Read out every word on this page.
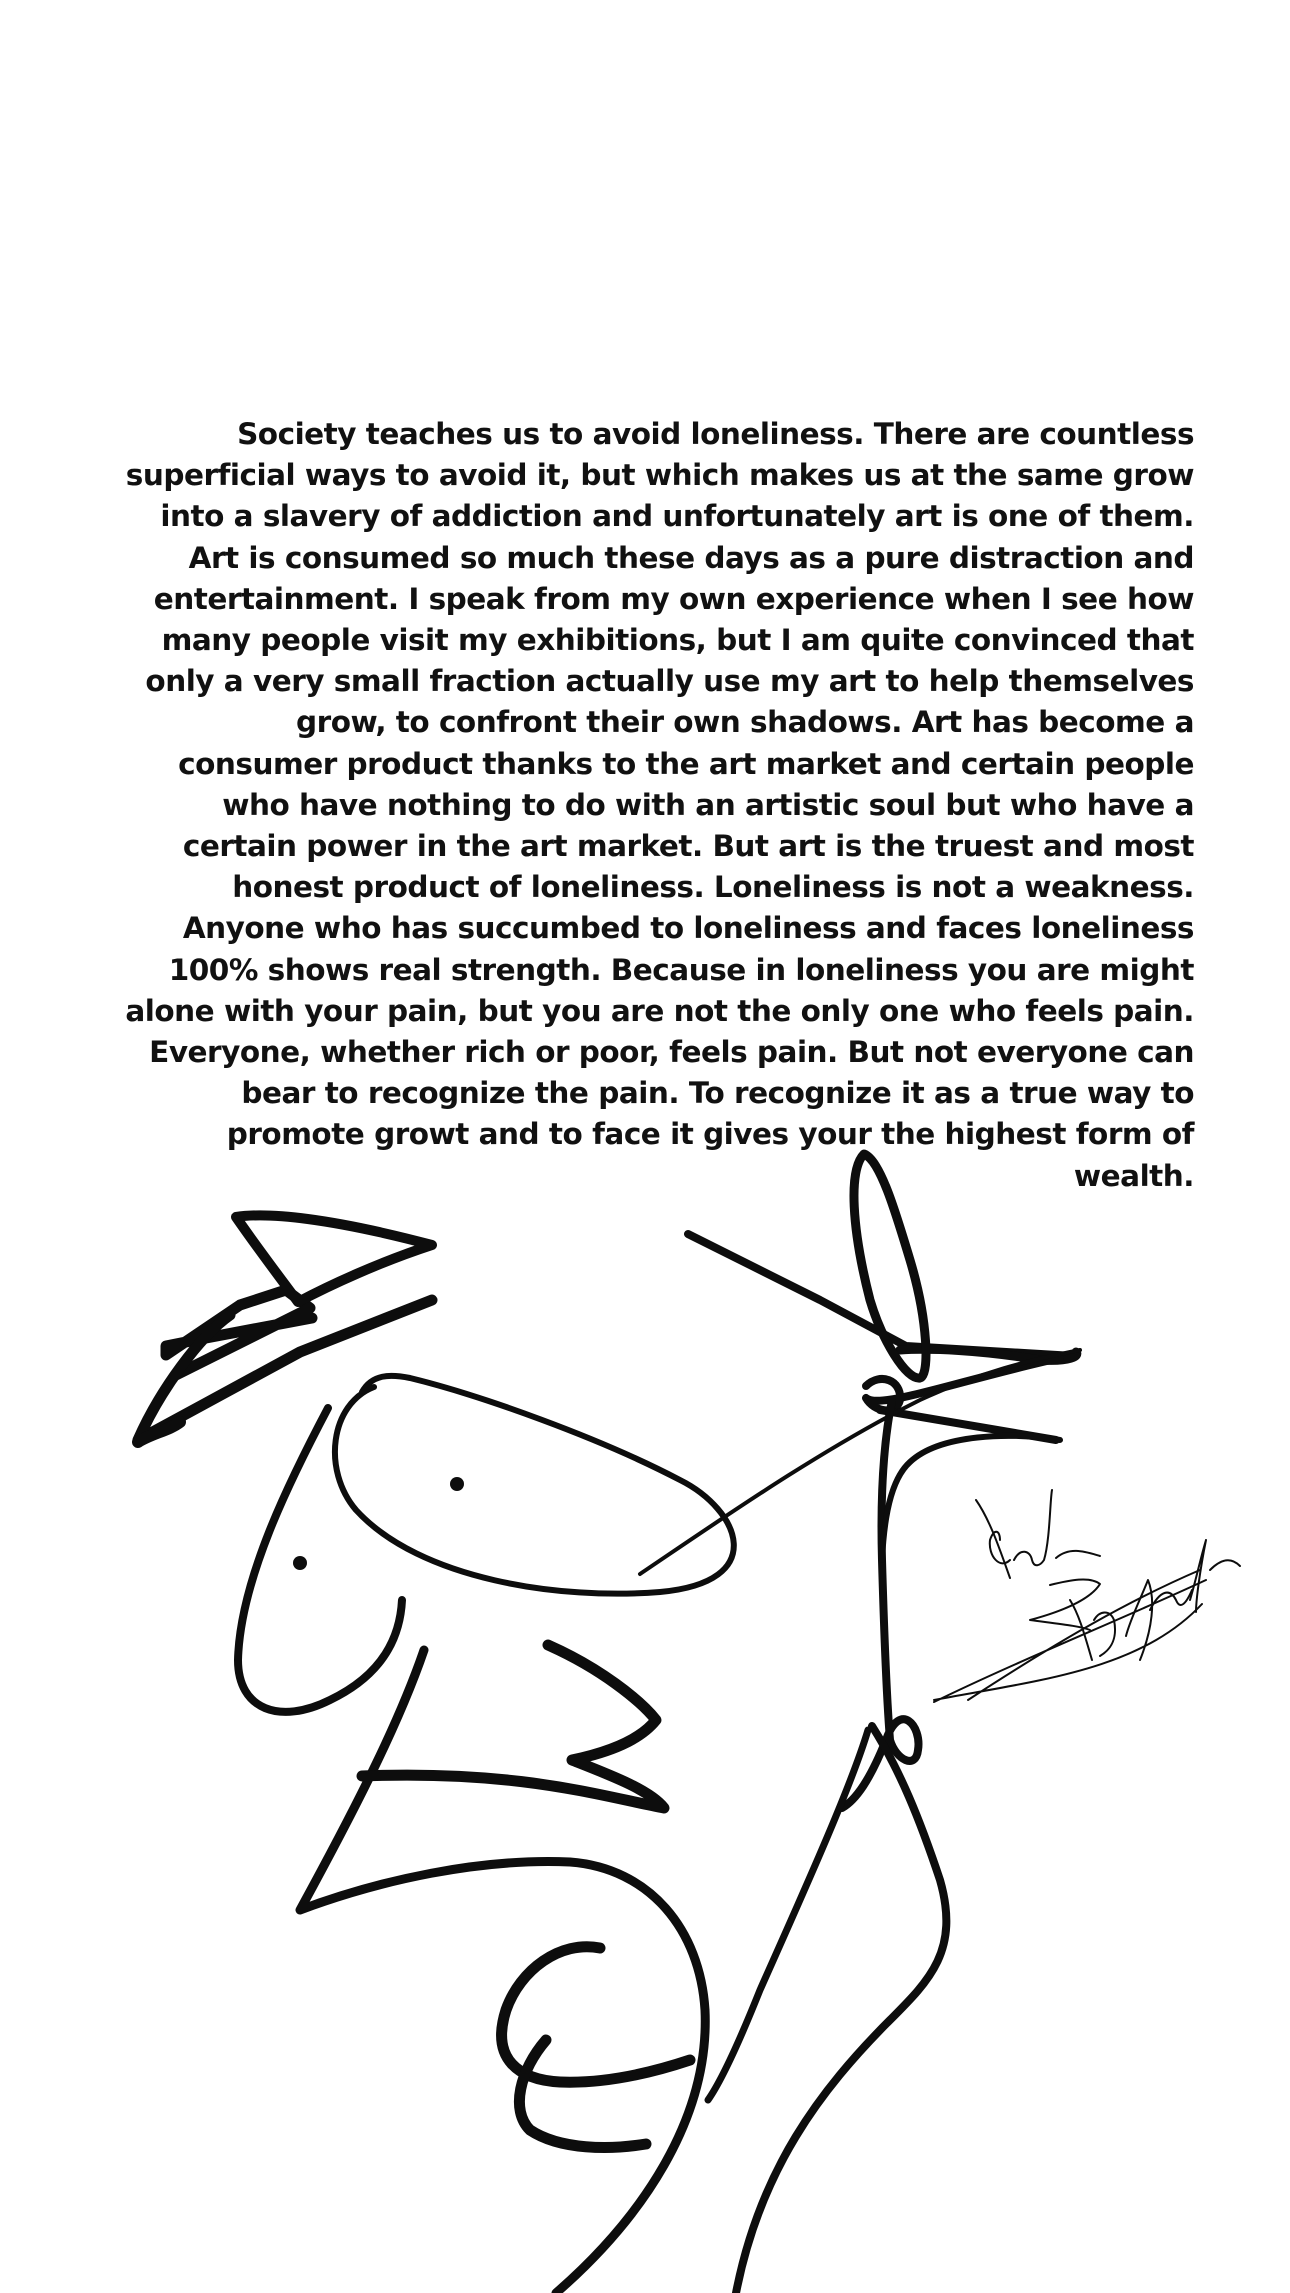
Society teaches us to avoid loneliness. There are countless
superficial ways to avoid it, but which makes us at the same grow
into a slavery of addiction and unfortunately art is one of them.
Art is consumed so much these days as a pure distraction and
entertainment. I speak from my own experience when I see how
many people visit my exhibitions, but I am quite convinced that
only a very small fraction actually use my art to help themselves
grow, to confront their own shadows. Art has become a
consumer product thanks to the art market and certain people
who have nothing to do with an artistic soul but who have a
certain power in the art market. But art is the truest and most
honest product of loneliness. Loneliness is not a weakness.
Anyone who has succumbed to loneliness and faces loneliness
100% shows real strength. Because in loneliness you are might
alone with your pain, but you are not the only one who feels pain.
Everyone, whether rich or poor, feels pain. But not everyone can
bear to recognize the pain. To recognize it as a true way to
promote growt and to face it gives your the highest form of
wealth.
